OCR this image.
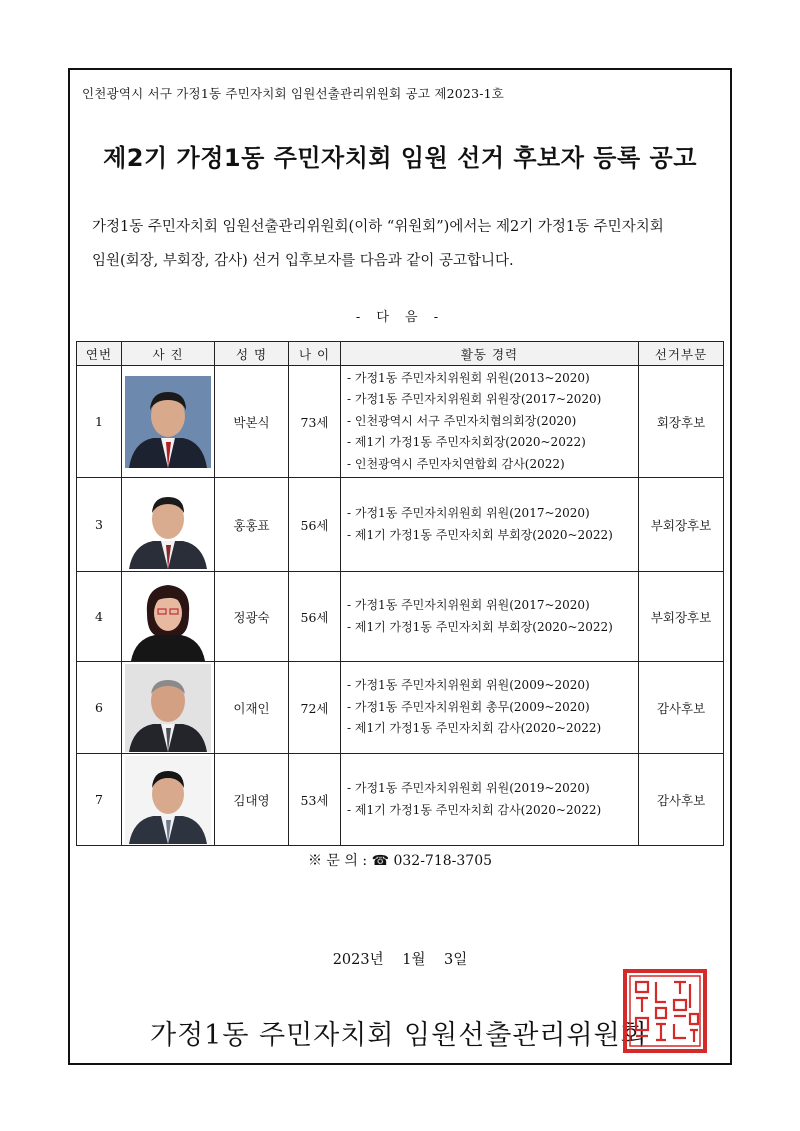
인천광역시 서구 가정1동 주민자치회 임원선출관리위원회 공고 제2023-1호
제2기 가정1동 주민자치회 임원 선거 후보자 등록 공고

가정1동 주민자치회 임원선출관리위원회(이하 “위원회”)에서는 제2기 가정1동 주민자치회

임원(회장, 부회장, 감사) 선거 입후보자를 다음과 같이 공고합니다.

- 다 음 -
연번	사 진	성 명	나 이	활동 경력	선거부문
1		박본식	73세	- 가정1동 주민자치위원회 위원(2013~2020)
- 가정1동 주민자치위원회 위원장(2017~2020)
- 인천광역시 서구 주민자치협의회장(2020)
- 제1기 가정1동 주민자치회장(2020~2022)
- 인천광역시 주민자치연합회 감사(2022)	회장후보
3		홍홍표	56세	- 가정1동 주민자치위원회 위원(2017~2020)
- 제1기 가정1동 주민자치회 부회장(2020~2022)	부회장후보
4		정광숙	56세	- 가정1동 주민자치위원회 위원(2017~2020)
- 제1기 가정1동 주민자치회 부회장(2020~2022)	부회장후보
6		이재인	72세	- 가정1동 주민자치위원회 위원(2009~2020)
- 가정1동 주민자치위원회 총무(2009~2020)
- 제1기 가정1동 주민자치회 감사(2020~2022)	감사후보
7		김대영	53세	- 가정1동 주민자치위원회 위원(2019~2020)
- 제1기 가정1동 주민자치회 감사(2020~2022)	감사후보
※ 문 의 : ☎ 032-718-3705
2023년 1월 3일
가정1동 주민자치회 임원선출관리위원회
